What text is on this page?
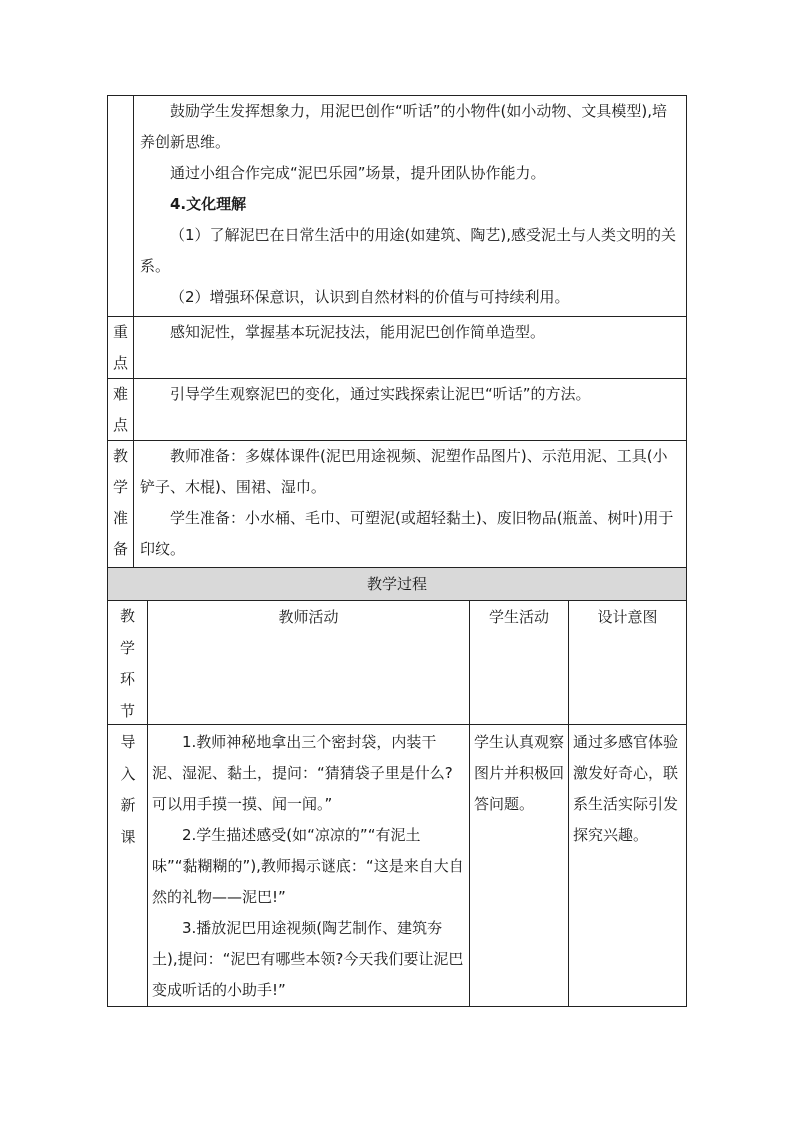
鼓励学生发挥想象力，用泥巴创作“听话”的小物件(如小动物、文具模型),培养创新思维。

通过小组合作完成“泥巴乐园”场景，提升团队协作能力。

4.文化理解

（1）了解泥巴在日常生活中的用途(如建筑、陶艺),感受泥土与人类文明的关系。

（2）增强环保意识，认识到自然材料的价值与可持续利用。

重
点

感知泥性，掌握基本玩泥技法，能用泥巴创作简单造型。

难
点

引导学生观察泥巴的变化，通过实践探索让泥巴“听话”的方法。

教
学
准
备

教师准备：多媒体课件(泥巴用途视频、泥塑作品图片)、示范用泥、工具(小铲子、木棍)、围裙、湿巾。

学生准备：小水桶、毛巾、可塑泥(或超轻黏土)、废旧物品(瓶盖、树叶)用于印纹。

教学过程
教
学
环
节
导
入
新
课
教师活动

1.教师神秘地拿出三个密封袋，内装干泥、湿泥、黏土，提问：“猜猜袋子里是什么?可以用手摸一摸、闻一闻。”

2.学生描述感受(如“凉凉的”“有泥土味”“黏糊糊的”),教师揭示谜底：“这是来自大自然的礼物——泥巴!”

3.播放泥巴用途视频(陶艺制作、建筑夯土),提问：“泥巴有哪些本领?今天我们要让泥巴变成听话的小助手!”

学生活动

学生认真观察图片并积极回答问题。

设计意图

通过多感官体验激发好奇心，联系生活实际引发探究兴趣。
